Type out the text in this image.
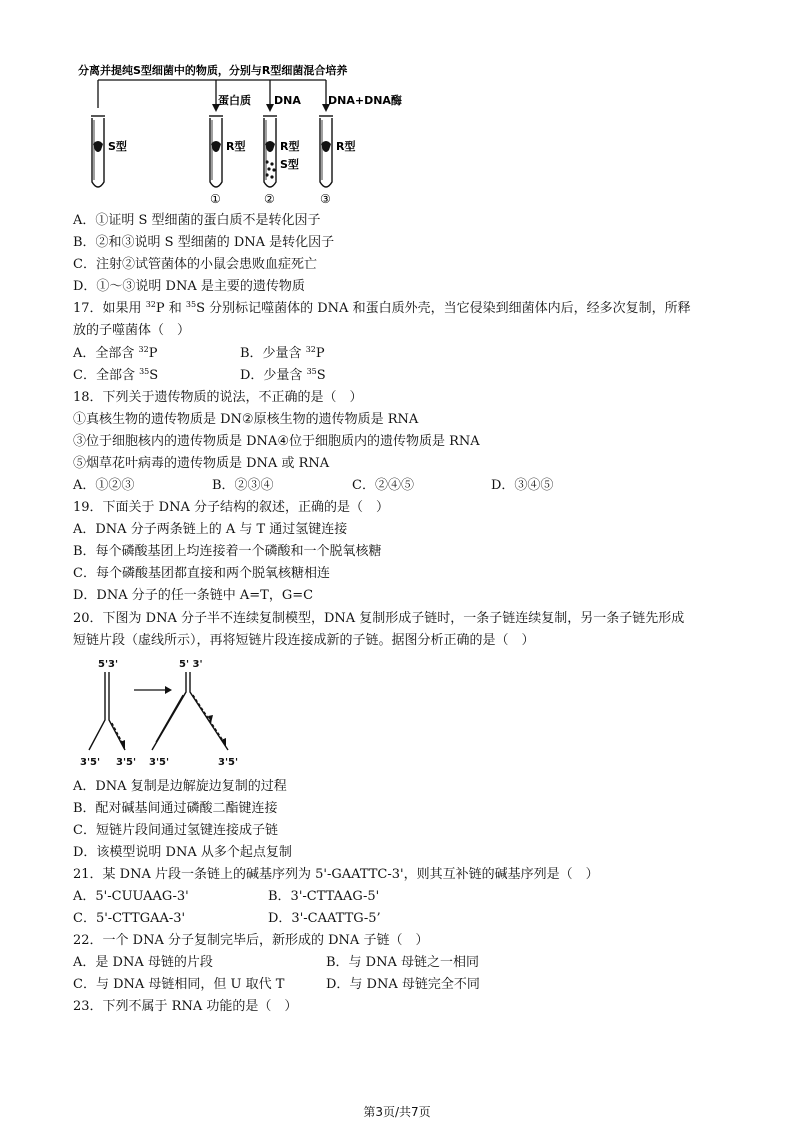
分离并提纯S型细菌中的物质，分别与R型细菌混合培养
蛋白质 DNA DNA+DNA酶
S型	R型
①
R型
S型
②
R型
③
A．①证明 S 型细菌的蛋白质不是转化因子
B．②和③说明 S 型细菌的 DNA 是转化因子
C．注射②试管菌体的小鼠会患败血症死亡
D．①～③说明 DNA 是主要的遗传物质
17．如果用 $^{32}$P 和 $^{35}$S 分别标记噬菌体的 DNA 和蛋白质外壳，当它侵染到细菌体内后，经多次复制，所释
放的子噬菌体（　）
A．全部含 $^{32}$P	B．少量含 $^{32}$P
C．全部含 $^{35}$S	D．少量含 $^{35}$S
18．下列关于遗传物质的说法，不正确的是（　）
①真核生物的遗传物质是 DN②原核生物的遗传物质是 RNA
③位于细胞核内的遗传物质是 DNA④位于细胞质内的遗传物质是 RNA
⑤烟草花叶病毒的遗传物质是 DNA 或 RNA
A．①②③	B．②③④	C．②④⑤	D．③④⑤
19．下面关于 DNA 分子结构的叙述，正确的是（　）
A．DNA 分子两条链上的 A 与 T 通过氢键连接
B．每个磷酸基团上均连接着一个磷酸和一个脱氧核糖
C．每个磷酸基团都直接和两个脱氧核糖相连
D．DNA 分子的任一条链中 A=T，G=C
20．下图为 DNA 分子半不连续复制模型，DNA 复制形成子链时，一条子链连续复制，另一条子链先形成
短链片段（虚线所示），再将短链片段连接成新的子链。据图分析正确的是（　）
5'3'
3'5' 3'5'
5' 3'
3'5'	3'5'
A．DNA 复制是边解旋边复制的过程
B．配对碱基间通过磷酸二酯键连接
C．短链片段间通过氢键连接成子链
D．该模型说明 DNA 从多个起点复制
21．某 DNA 片段一条链上的碱基序列为 5'-GAATTC-3'，则其互补链的碱基序列是（　）
A．5'-CUUAAG-3'	B．3'-CTTAAG-5'
C．5'-CTTGAA-3'	D．3'-CAATTG-5’
22．一个 DNA 分子复制完毕后，新形成的 DNA 子链（　）
A．是 DNA 母链的片段	B．与 DNA 母链之一相同
C．与 DNA 母链相同，但 U 取代 T	D．与 DNA 母链完全不同
23．下列不属于 RNA 功能的是（　）
第3页/共7页
